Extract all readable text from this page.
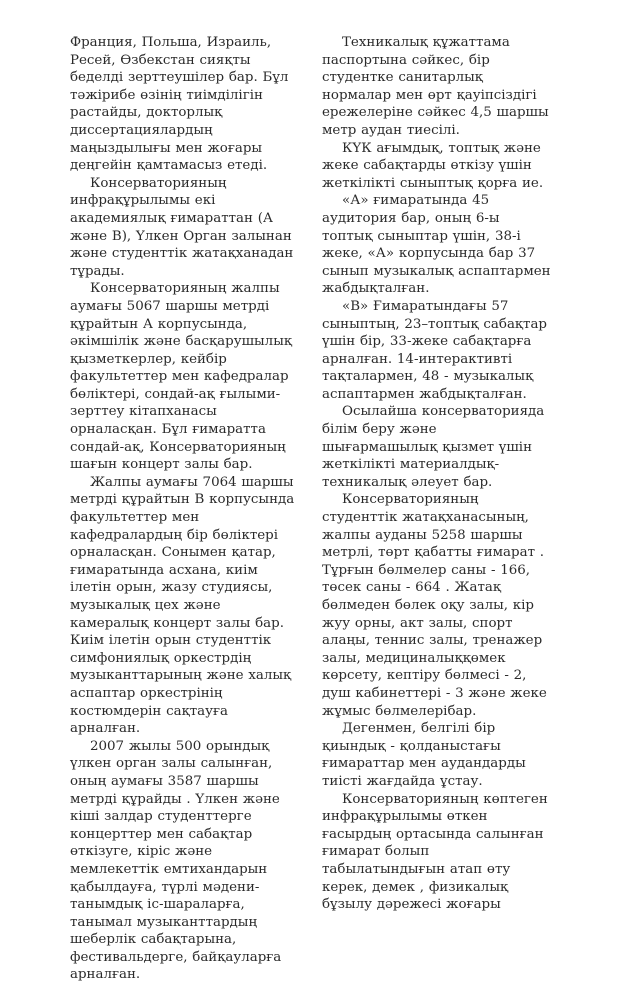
Франция, Польша, Израиль, Ресей, Өзбекстан сияқты беделді зерттеушілер бар. Бұл тәжірибе өзінің тиімділігін растайды, докторлық диссертациялардың маңыздылығы мен жоғары деңгейін қамтамасыз етеді.

Консерваторияның инфрақұрылымы екі академиялық ғимараттан (А және В), Үлкен Орган залынан және студенттік жатақханадан тұрады.

Консерваторияның жалпы аумағы 5067 шаршы метрді құрайтын А корпусында, әкімшілік және басқарушылық қызметкерлер, кейбір факультеттер мен кафедралар бөліктері, сондай-ақ ғылыми-зерттеу кітапханасы орналасқан. Бұл ғимаратта сондай-ақ, Консерваторияның шағын концерт залы бар.

Жалпы аумағы 7064 шаршы метрді құрайтын В корпусында факультеттер мен кафедралардың бір бөліктері орналасқан. Сонымен қатар, ғимаратында асхана, киім ілетін орын, жазу студиясы, музыкалық цех және камералық концерт залы бар. Киім ілетін орын студенттік симфониялық оркестрдің музыканттарының және халық аспаптар оркестрінің костюмдерін сақтауға арналған.

2007 жылы 500 орындық үлкен орган залы салынған, оның аумағы 3587 шаршы метрді құрайды . Үлкен және кіші залдар студенттерге концерттер мен сабақтар өткізуге, кіріс және мемлекеттік емтихандарын қабылдауға, түрлі мәдени-танымдық іс-шараларға, танымал музыканттардың шеберлік сабақтарына, фестивальдерге, байқауларға арналған.

Техникалық құжаттама паспортына сәйкес, бір студентке санитарлық нормалар мен өрт қауіпсіздігі ережелеріне сәйкес 4,5 шаршы метр аудан тиесілі.

КҮК ағымдық, топтық және жеке сабақтарды өткізу үшін жеткілікті сыныптық қорға ие.

«А» ғимаратында 45 аудитория бар, оның 6-ы топтық сыныптар үшін, 38-і жеке, «А» корпусында бар 37 сынып музыкалық аспаптармен жабдықталған.

«В» Ғимаратындағы 57 сыныптың, 23–топтық сабақтар үшін бір, 33-жеке сабақтарға арналған. 14-интерактивті тақталармен, 48 - музыкалық аспаптармен жабдықталған.

Осылайша консерваторияда білім беру және шығармашылық қызмет үшін жеткілікті материалдық-техникалық әлеует бар.

Консерваторияның студенттік жатақханасының, жалпы ауданы 5258 шаршы метрлі, төрт қабатты ғимарат . Тұрғын бөлмелер саны - 166, төсек саны - 664 . Жатақ бөлмеден бөлек оқу залы, кір жуу орны, акт залы, спорт алаңы, теннис залы, тренажер залы, медициналыққөмек көрсету, кептіру бөлмесі - 2, душ кабинеттері - 3 және жеке жұмыс бөлмелерібар.

Дегенмен, белгілі бір қиындық - қолданыстағы ғимараттар мен аудандарды тиісті жағдайда ұстау.

Консерваторияның көптеген инфрақұрылымы өткен ғасырдың ортасында салынған ғимарат болып табылатындығын атап өту керек, демек , физикалық бұзылу дәрежесі жоғары
